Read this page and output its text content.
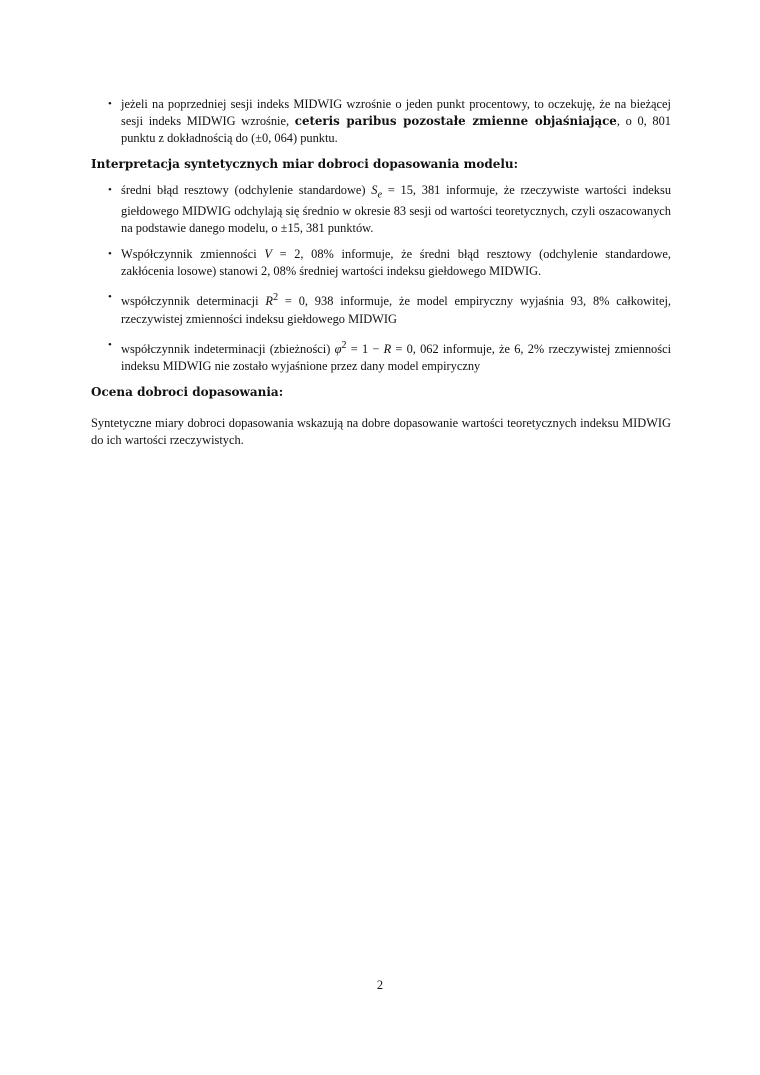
• jeżeli na poprzedniej sesji indeks MIDWIG wzrośnie o jeden punkt procentowy, to oczekuję, że na bieżącej sesji indeks MIDWIG wzrośnie, ceteris paribus pozostałe zmienne objaśniające, o 0, 801 punktu z dokładnością do (±0, 064) punktu.
Interpretacja syntetycznych miar dobroci dopasowania modelu:
• średni błąd resztowy (odchylenie standardowe) $S_e = 15$, 381 informuje, że rzeczywiste wartości indeksu giełdowego MIDWIG odchylają się średnio w okresie 83 sesji od wartości teoretycznych, czyli oszacowanych na podstawie danego modelu, o ±15, 381 punktów.
• Współczynnik zmienności V = 2, 08% informuje, że średni błąd resztowy (odchylenie standardowe, zakłócenia losowe) stanowi 2, 08% średniej wartości indeksu giełdowego MIDWIG.
• współczynnik determinacji $R^2 = 0$, 938 informuje, że model empiryczny wyjaśnia 93, 8% całkowitej, rzeczywistej zmienności indeksu giełdowego MIDWIG
• współczynnik indeterminacji (zbieżności) $\varphi^2 = 1 - R = 0$, 062 informuje, że 6, 2% rzeczywistej zmienności indeksu MIDWIG nie zostało wyjaśnione przez dany model empiryczny
Ocena dobroci dopasowania:

Syntetyczne miary dobroci dopasowania wskazują na dobre dopasowanie wartości teoretycznych indeksu MIDWIG do ich wartości rzeczywistych.

2
